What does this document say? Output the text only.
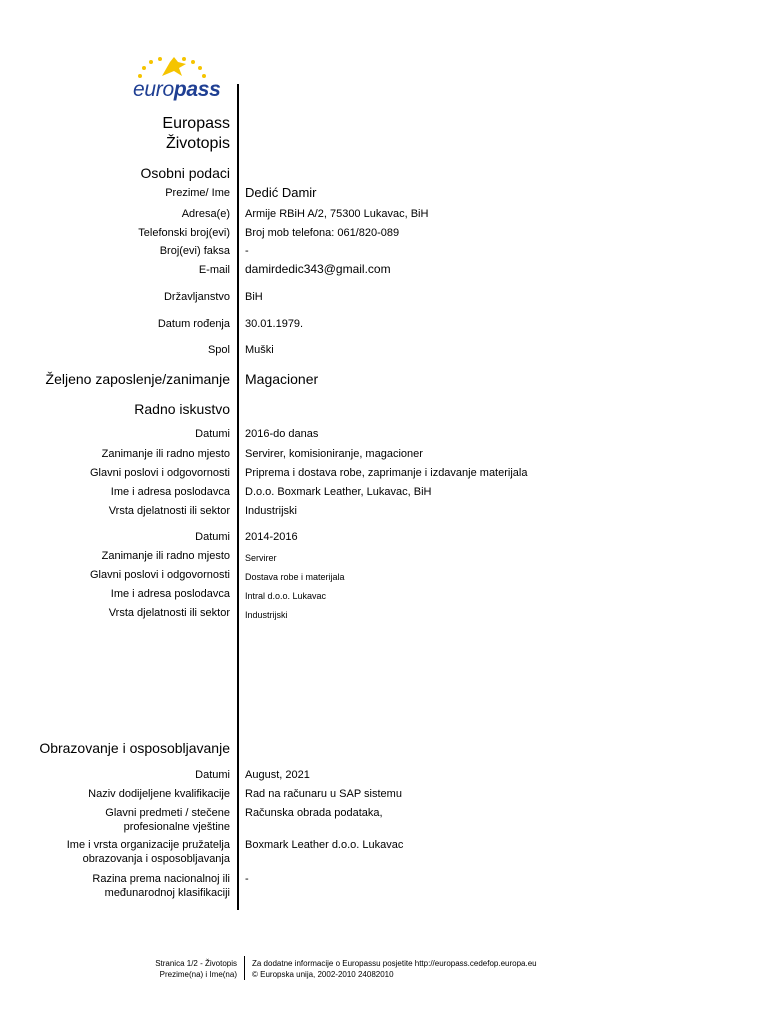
europass
Europass
Životopis
Osobni podaci
Prezime/ Ime Dedić Damir
Adresa(e) Armije RBiH A/2, 75300 Lukavac, BiH
Telefonski broj(evi) Broj mob telefona: 061/820-089
Broj(evi) faksa -
E-mail damirdedic343@gmail.com
Državljanstvo BiH
Datum rođenja 30.01.1979.
Spol Muški
Željeno zaposlenje/zanimanje Magacioner
Radno iskustvo
Datumi 2016-do danas
Zanimanje ili radno mjesto Servirer, komisioniranje, magacioner
Glavni poslovi i odgovornosti Priprema i dostava robe, zaprimanje i izdavanje materijala
Ime i adresa poslodavca D.o.o. Boxmark Leather, Lukavac, BiH
Vrsta djelatnosti ili sektor Industrijski
Datumi 2014-2016
Zanimanje ili radno mjesto Servirer
Glavni poslovi i odgovornosti Dostava robe i materijala
Ime i adresa poslodavca Intral d.o.o. Lukavac
Vrsta djelatnosti ili sektor Industrijski
Obrazovanje i osposobljavanje
Datumi August, 2021
Naziv dodijeljene kvalifikacije Rad na računaru u SAP sistemu
Glavni predmeti / stečene
profesionalne vještine
Računska obrada podataka,
Ime i vrsta organizacije pružatelja
obrazovanja i osposobljavanja
Boxmark Leather d.o.o. Lukavac
Razina prema nacionalnoj ili
međunarodnoj klasifikaciji
-
Stranica 1/2 - Životopis
Prezime(na) i Ime(na)
Za dodatne informacije o Europassu posjetite http://europass.cedefop.europa.eu
© Europska unija, 2002-2010 24082010
